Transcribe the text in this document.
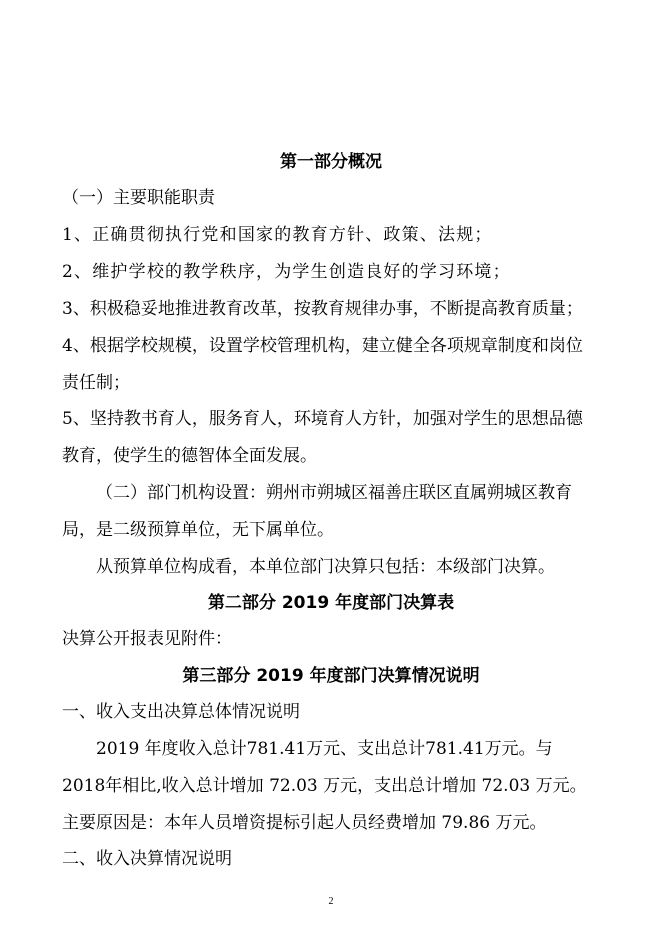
第一部分概况
（一）主要职能职责
1、正确贯彻执行党和国家的教育方针、政策、法规；
2、维护学校的教学秩序，为学生创造良好的学习环境；
3、积极稳妥地推进教育改革，按教育规律办事，不断提高教育质量；
4、根据学校规模，设置学校管理机构，建立健全各项规章制度和岗位
责任制；
5、坚持教书育人，服务育人，环境育人方针，加强对学生的思想品德
教育，使学生的德智体全面发展。
（二）部门机构设置：朔州市朔城区福善庄联区直属朔城区教育
局，是二级预算单位，无下属单位。
从预算单位构成看，本单位部门决算只包括：本级部门决算。
第二部分 2019 年度部门决算表
决算公开报表见附件：
第三部分 2019 年度部门决算情况说明
一、收入支出决算总体情况说明
2019 年度收入总计781.41万元、支出总计781.41万元。与
2018年相比,收入总计增加 72.03 万元，支出总计增加 72.03 万元。
主要原因是：本年人员增资提标引起人员经费增加 79.86 万元。
二、收入决算情况说明
2
